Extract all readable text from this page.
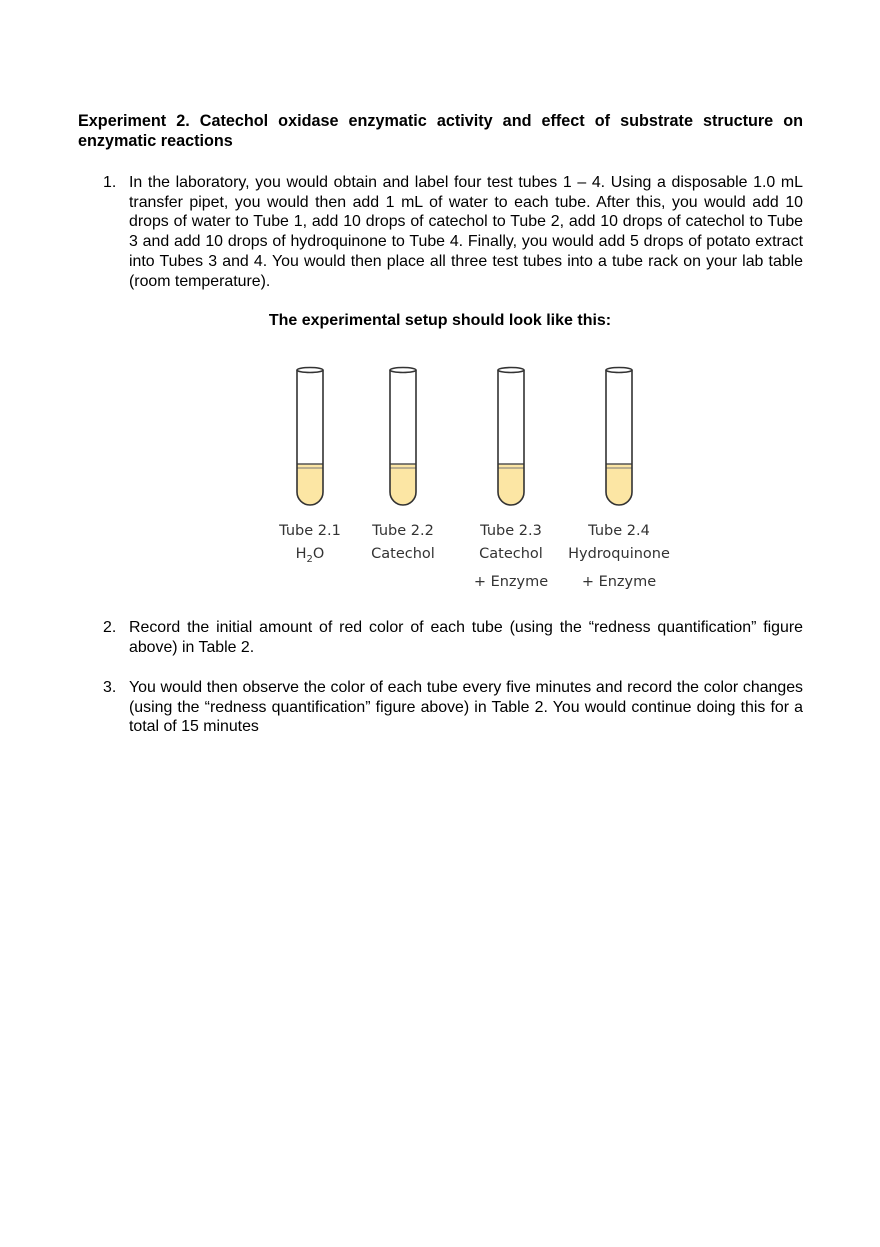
Experiment 2. Catechol oxidase enzymatic activity and effect of substrate structure on enzymatic reactions
1. In the laboratory, you would obtain and label four test tubes 1 – 4. Using a disposable 1.0 mL transfer pipet, you would then add 1 mL of water to each tube. After this, you would add 10 drops of water to Tube 1, add 10 drops of catechol to Tube 2, add 10 drops of catechol to Tube 3 and add 10 drops of hydroquinone to Tube 4. Finally, you would add 5 drops of potato extract into Tubes 3 and 4. You would then place all three test tubes into a tube rack on your lab table (room temperature).
The experimental setup should look like this:
Tube 2.1
$H_2O$
Tube 2.2
Catechol
Tube 2.3
Catechol
+ Enzyme
Tube 2.4
Hydroquinone
+ Enzyme
2. Record the initial amount of red color of each tube (using the “redness quantification” figure above) in Table 2.
3. You would then observe the color of each tube every five minutes and record the color changes (using the “redness quantification” figure above) in Table 2. You would continue doing this for a total of 15 minutes
